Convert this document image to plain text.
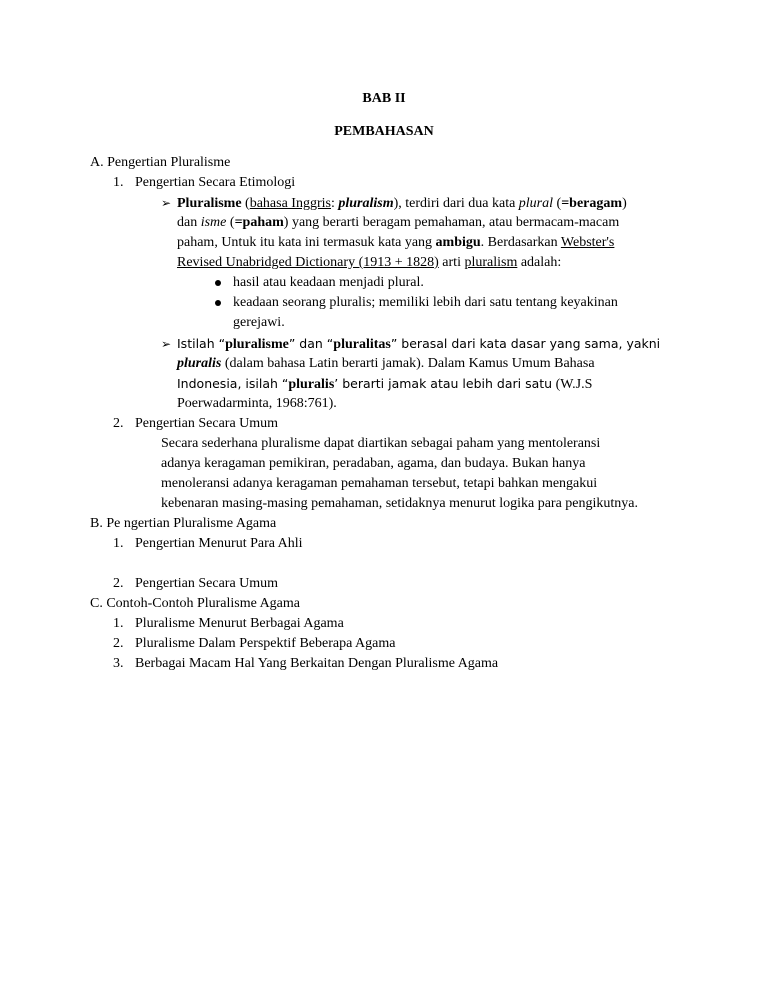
BAB II
PEMBAHASAN
A. Pengertian Pluralisme
1. Pengertian Secara Etimologi
➢ Pluralisme (bahasa Inggris: pluralism), terdiri dari dua kata plural (=beragam)
dan isme (=paham) yang berarti beragam pemahaman, atau bermacam-macam
paham, Untuk itu kata ini termasuk kata yang ambigu. Berdasarkan Webster's
Revised Unabridged Dictionary (1913 + 1828) arti pluralism adalah:
hasil atau keadaan menjadi plural.
keadaan seorang pluralis; memiliki lebih dari satu tentang keyakinan
gerejawi.
➢ Istilah “pluralisme” dan “pluralitas” berasal dari kata dasar yang sama, yakni
pluralis (dalam bahasa Latin berarti jamak). Dalam Kamus Umum Bahasa
Indonesia, isilah “pluralis’ berarti jamak atau lebih dari satu (W.J.S
Poerwadarminta, 1968:761).
2. Pengertian Secara Umum
Secara sederhana pluralisme dapat diartikan sebagai paham yang mentoleransi
adanya keragaman pemikiran, peradaban, agama, dan budaya. Bukan hanya
menoleransi adanya keragaman pemahaman tersebut, tetapi bahkan mengakui
kebenaran masing-masing pemahaman, setidaknya menurut logika para pengikutnya.
B. Pe ngertian Pluralisme Agama
1. Pengertian Menurut Para Ahli
2. Pengertian Secara Umum
C. Contoh-Contoh Pluralisme Agama
1. Pluralisme Menurut Berbagai Agama
2. Pluralisme Dalam Perspektif Beberapa Agama
3. Berbagai Macam Hal Yang Berkaitan Dengan Pluralisme Agama
